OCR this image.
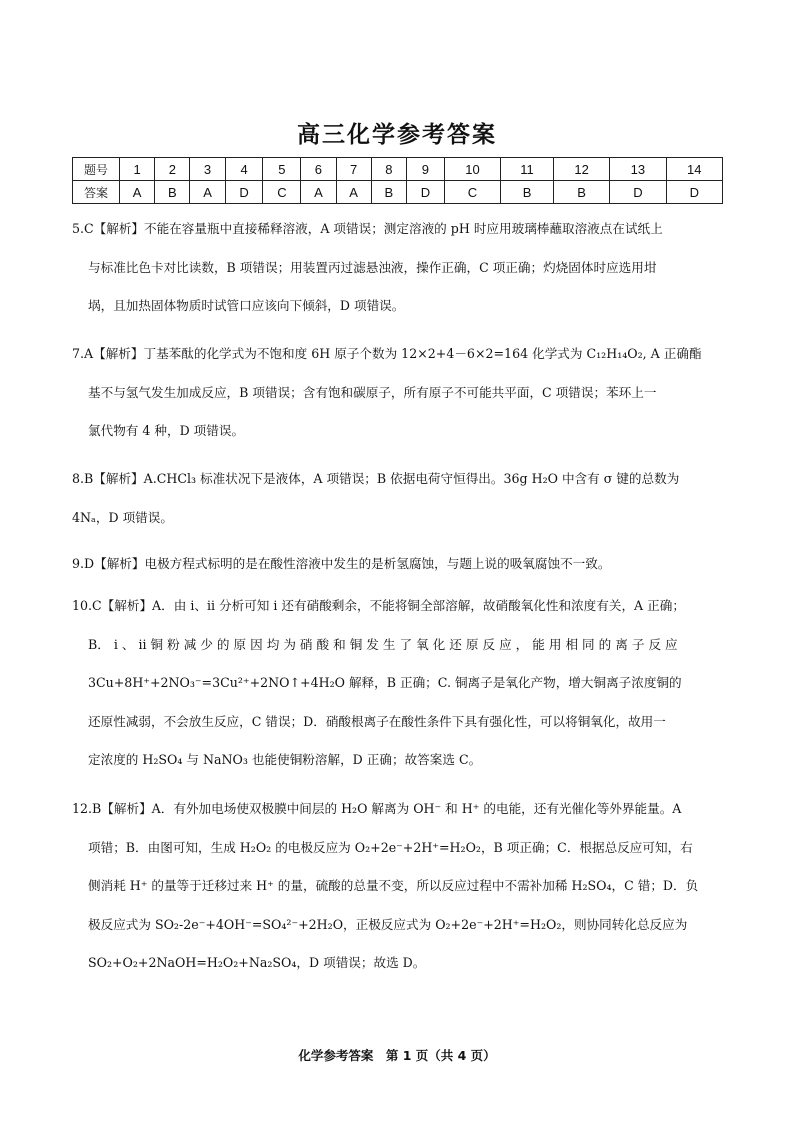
高三化学参考答案
题号	1	2	3	4	5	6	7	8	9	10	11	12	13	14
答案	A	B	A	D	C	A	A	B	D	C	B	B	D	D
5.C【解析】不能在容量瓶中直接稀释溶液，A 项错误；测定溶液的 pH 时应用玻璃棒蘸取溶液点在试纸上
与标准比色卡对比读数，B 项错误；用装置丙过滤悬浊液，操作正确，C 项正确；灼烧固体时应选用坩
埚，且加热固体物质时试管口应该向下倾斜，D 项错误。
7.A【解析】丁基苯酞的化学式为不饱和度 6H 原子个数为 12×2+4－6×2=164 化学式为 C₁₂H₁₄O₂, A 正确酯
基不与氢气发生加成反应，B 项错误；含有饱和碳原子，所有原子不可能共平面，C 项错误；苯环上一
氯代物有 4 种，D 项错误。
8.B【解析】A.CHCl₃ 标准状况下是液体，A 项错误；B 依据电荷守恒得出。36g H₂O 中含有 σ 键的总数为
4Nₐ，D 项错误。
9.D【解析】电极方程式标明的是在酸性溶液中发生的是析氢腐蚀，与题上说的吸氧腐蚀不一致。
10.C【解析】A．由 i、ii 分析可知 i 还有硝酸剩余，不能将铜全部溶解，故硝酸氧化性和浓度有关，A 正确；
B． i 、 ii 铜 粉 减 少 的 原 因 均 为 硝 酸 和 铜 发 生 了 氧 化 还 原 反 应 ， 能 用 相 同 的 离 子 反 应
3Cu+8H⁺+2NO₃⁻=3Cu²⁺+2NO↑+4H₂O 解释，B 正确；C. 铜离子是氧化产物，增大铜离子浓度铜的
还原性减弱，不会放生反应，C 错误；D．硝酸根离子在酸性条件下具有强化性，可以将铜氧化，故用一
定浓度的 H₂SO₄ 与 NaNO₃ 也能使铜粉溶解，D 正确；故答案选 C。
12.B【解析】A．有外加电场使双极膜中间层的 H₂O 解离为 OH⁻ 和 H⁺ 的电能，还有光催化等外界能量。A
项错；B．由图可知，生成 H₂O₂ 的电极反应为 O₂+2e⁻+2H⁺=H₂O₂，B 项正确；C．根据总反应可知，右
侧消耗 H⁺ 的量等于迁移过来 H⁺ 的量，硫酸的总量不变，所以反应过程中不需补加稀 H₂SO₄，C 错；D．负
极反应式为 SO₂-2e⁻+4OH⁻=SO₄²⁻+2H₂O，正极反应式为 O₂+2e⁻+2H⁺=H₂O₂，则协同转化总反应为
SO₂+O₂+2NaOH=H₂O₂+Na₂SO₄，D 项错误；故选 D。
化学参考答案　第 1 页（共 4 页）
